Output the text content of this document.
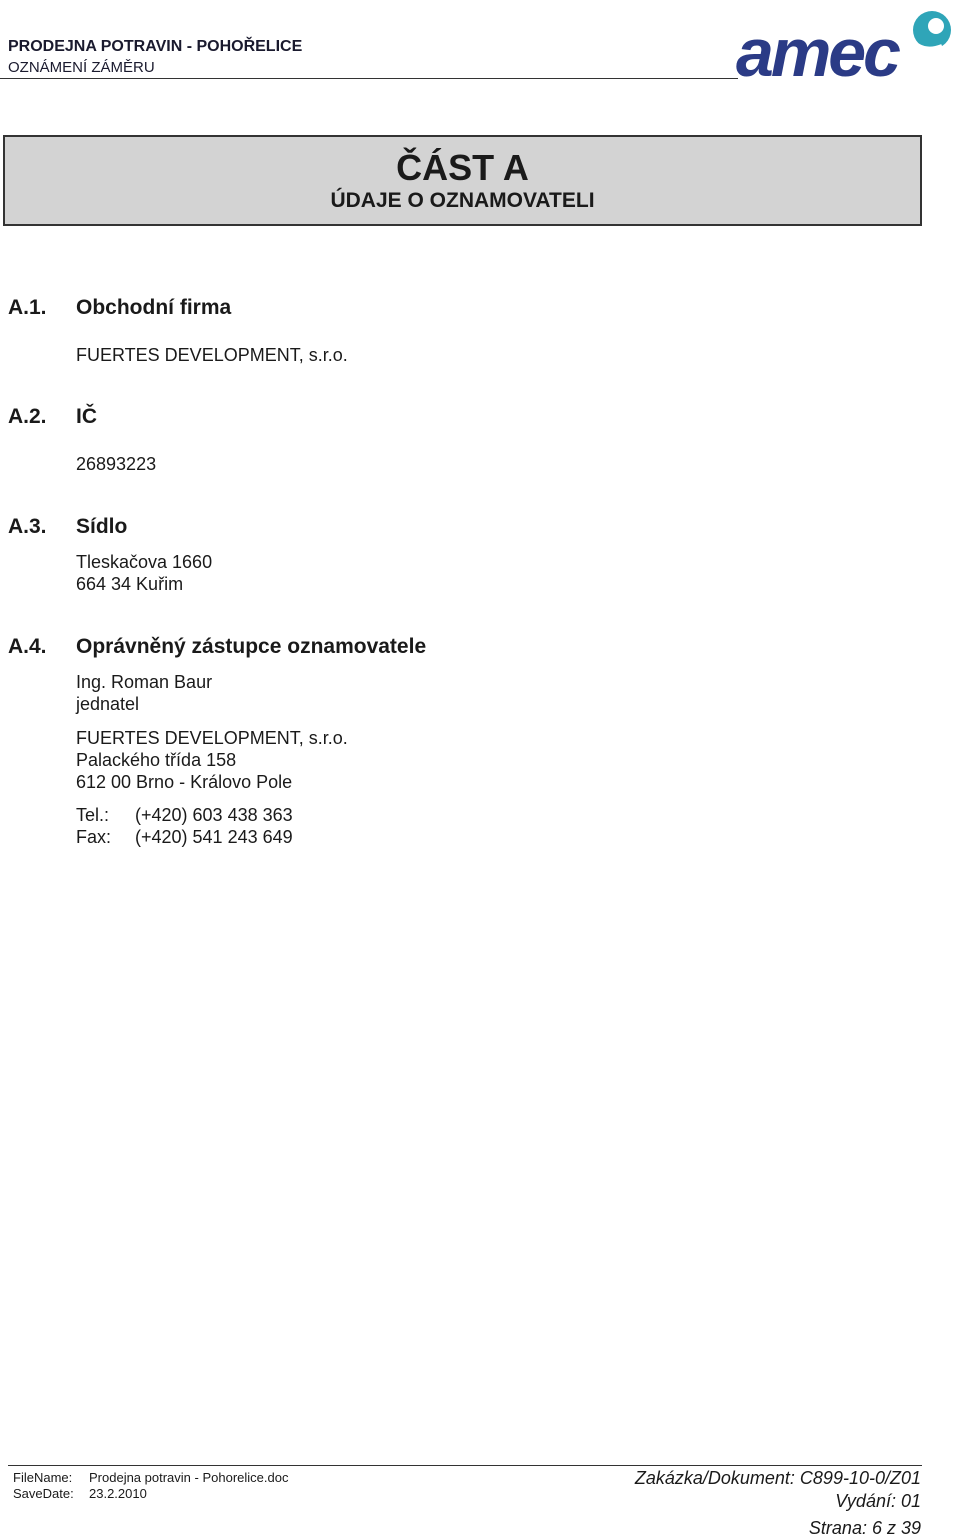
PRODEJNA POTRAVIN - POHOŘELICE
OZNÁMENÍ ZÁMĚRU	amec
ČÁST A
ÚDAJE O OZNAMOVATELI
A.1. Obchodní firma
FUERTES DEVELOPMENT, s.r.o.
A.2. IČ
26893223
A.3. Sídlo
Tleskačova 1660
664 34 Kuřim
A.4. Oprávněný zástupce oznamovatele
Ing. Roman Baur
jednatel
FUERTES DEVELOPMENT, s.r.o.
Palackého třída 158
612 00 Brno - Královo Pole
Tel.: (+420) 603 438 363
Fax: (+420) 541 243 649
FileName: Prodejna potravin - Pohorelice.doc
SaveDate: 23.2.2010
Zakázka/Dokument: C899-10-0/Z01
Vydání: 01
Strana: 6 z 39
